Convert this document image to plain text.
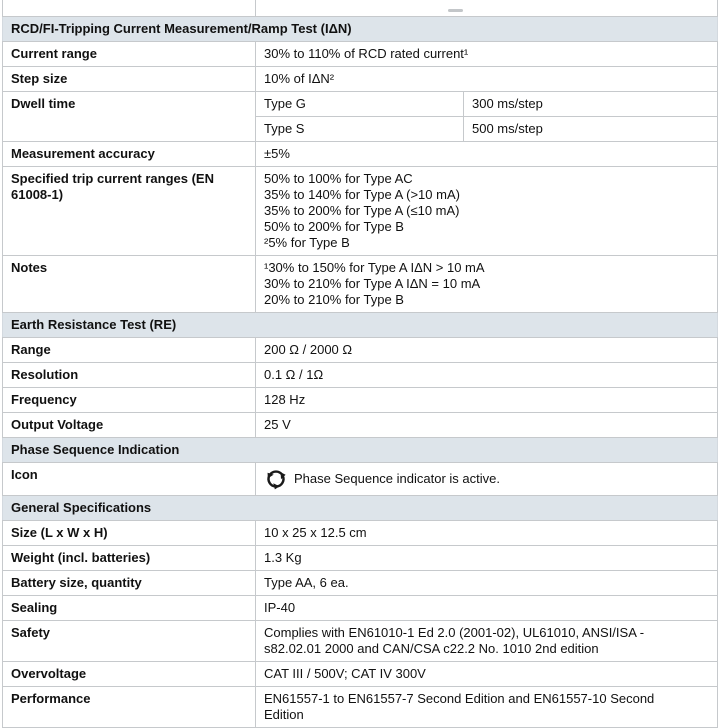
RCD/FI-Tripping Current Measurement/Ramp Test (IΔN)		
Current range	30% to 110% of RCD rated current¹	
Step size	10% of IΔN²	
Dwell time	Type G	300 ms/step
	Type S	500 ms/step
Measurement accuracy	±5%	
Specified trip current ranges (EN 61008-1)	50% to 100% for Type AC
35% to 140% for Type A (>10 mA)
35% to 200% for Type A (≤10 mA)
50% to 200% for Type B
²5% for Type B	

Notes	¹30% to 150% for Type A IΔN > 10 mA
30% to 210% for Type A IΔN = 10 mA
20% to 210% for Type B	

Earth Resistance Test (RE)		
Range	200 Ω / 2000 Ω	
Resolution	0.1 Ω / 1Ω	
Frequency	128 Hz	
Output Voltage	25 V	
Phase Sequence Indication		
Icon	Phase Sequence indicator is active.	

General Specifications		
Size (L x W x H)	10 x 25 x 12.5 cm	
Weight (incl. batteries)	1.3 Kg	
Battery size, quantity	Type AA, 6 ea.	
Sealing	IP-40	
Safety	Complies with EN61010-1 Ed 2.0 (2001-02), UL61010, ANSI/ISA -
s82.02.01 2000 and CAN/CSA c22.2 No. 1010 2nd edition	

Overvoltage	CAT III / 500V; CAT IV 300V	
Performance	EN61557-1 to EN61557-7 Second Edition and EN61557-10 Second
Edition	
